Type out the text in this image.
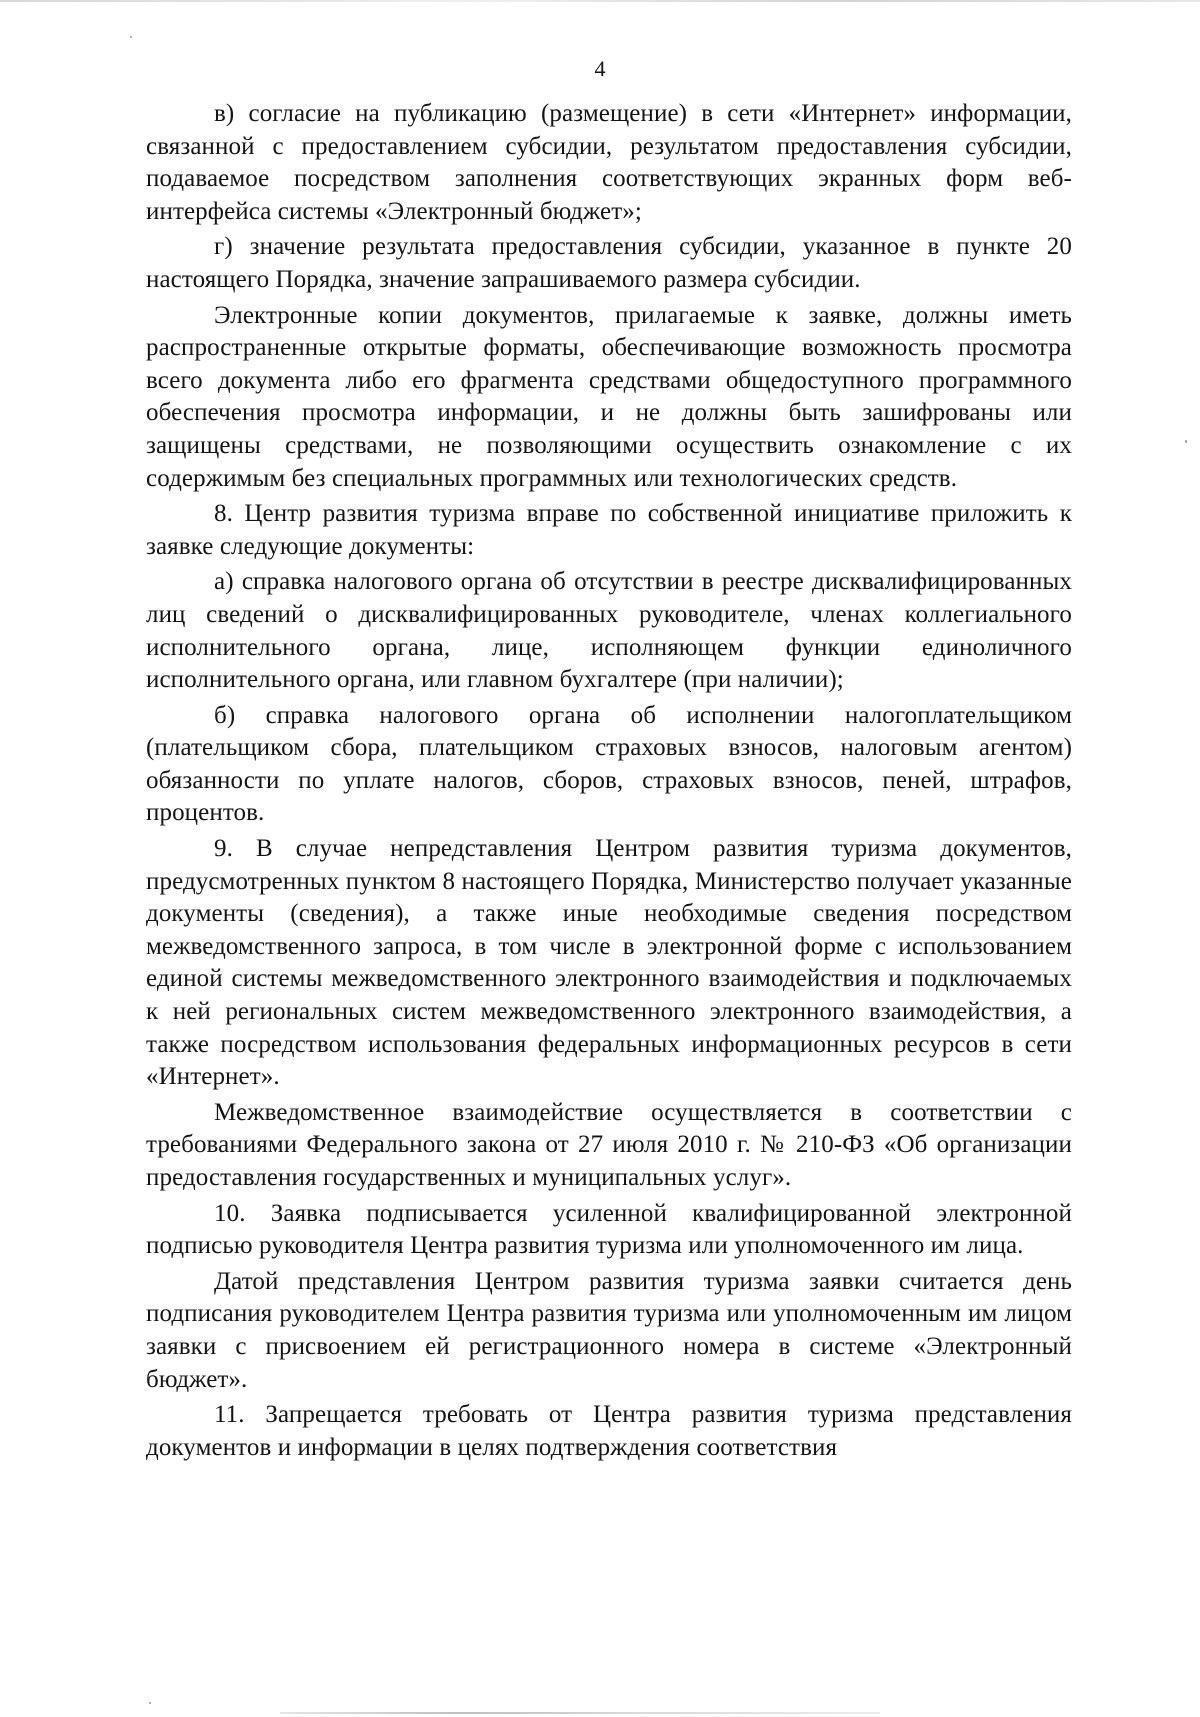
4

в) согласие на публикацию (размещение) в сети «Интернет» информации, связанной с предоставлением субсидии, результатом предоставления субсидии, подаваемое посредством заполнения соответствующих экранных форм веб-интерфейса системы «Электронный бюджет»;

г) значение результата предоставления субсидии, указанное в пункте 20 настоящего Порядка, значение запрашиваемого размера субсидии.

Электронные копии документов, прилагаемые к заявке, должны иметь распространенные открытые форматы, обеспечивающие возможность просмотра всего документа либо его фрагмента средствами общедоступного программного обеспечения просмотра информации, и не должны быть зашифрованы или защищены средствами, не позволяющими осуществить ознакомление с их содержимым без специальных программных или технологических средств.

8. Центр развития туризма вправе по собственной инициативе приложить к заявке следующие документы:

а) справка налогового органа об отсутствии в реестре дисквалифицированных лиц сведений о дисквалифицированных руководителе, членах коллегиального исполнительного органа, лице, исполняющем функции единоличного исполнительного органа, или главном бухгалтере (при наличии);

б) справка налогового органа об исполнении налогоплательщиком (плательщиком сбора, плательщиком страховых взносов, налоговым агентом) обязанности по уплате налогов, сборов, страховых взносов, пеней, штрафов, процентов.

9. В случае непредставления Центром развития туризма документов, предусмотренных пунктом 8 настоящего Порядка, Министерство получает указанные документы (сведения), а также иные необходимые сведения посредством межведомственного запроса, в том числе в электронной форме с использованием единой системы межведомственного электронного взаимодействия и подключаемых к ней региональных систем межведомственного электронного взаимодействия, а также посредством использования федеральных информационных ресурсов в сети «Интернет».

Межведомственное взаимодействие осуществляется в соответствии с требованиями Федерального закона от 27 июля 2010 г. № 210-ФЗ «Об организации предоставления государственных и муниципальных услуг».

10. Заявка подписывается усиленной квалифицированной электронной подписью руководителя Центра развития туризма или уполномоченного им лица.

Датой представления Центром развития туризма заявки считается день подписания руководителем Центра развития туризма или уполномоченным им лицом заявки с присвоением ей регистрационного номера в системе «Электронный бюджет».

11. Запрещается требовать от Центра развития туризма представления документов и информации в целях подтверждения соответствия
